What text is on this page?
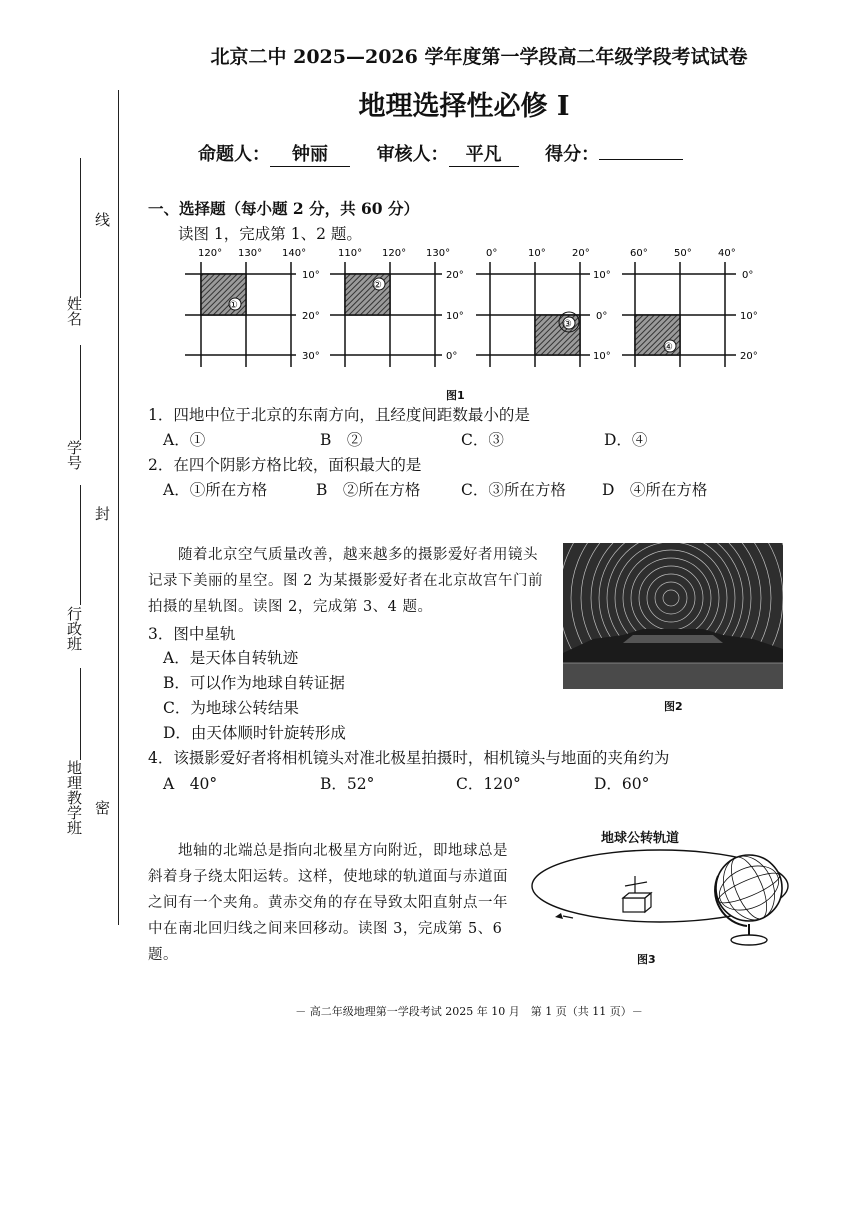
北京二中 2025—2026 学年度第一学段高二年级学段考试试卷
地理选择性必修 I
命题人： 钟丽	审核人： 平凡 得分：
线
姓名
学号
封
行政班
地理教学班 密
一、选择题（每小题 2 分，共 60 分）
读图 1，完成第 1、2 题。
120° 130° 140°
10°
20°
30°
①
110° 120° 130°
20°
10°
0°
②
0°	10°	20°
10°
0°
10°
③
60°	50°	40°
0°
10°
20°
④
图1
1．四地中位于北京的东南方向，且经度间距数最小的是
A．①	B　②	C．③	D．④
2．在四个阴影方格比较，面积最大的是
A．①所在方格	B　②所在方格	C．③所在方格 D　④所在方格
随着北京空气质量改善，越来越多的摄影爱好者用镜头记录下美丽的星空。图 2 为某摄影爱好者在北京故宫午门前拍摄的星轨图。读图 2，完成第 3、4 题。
图2
3．图中星轨
A．是天体自转轨迹
B．可以作为地球自转证据
C．为地球公转结果
D．由天体顺时针旋转形成
4．该摄影爱好者将相机镜头对准北极星拍摄时，相机镜头与地面的夹角约为
A　40°	B．52°	C．120°	D．60°
地轴的北端总是指向北极星方向附近，即地球总是斜着身子绕太阳运转。这样，使地球的轨道面与赤道面之间有一个夹角。黄赤交角的存在导致太阳直射点一年中在南北回归线之间来回移动。读图 3，完成第 5、6 题。
地球公转轨道
图3
－ 高二年级地理第一学段考试 2025 年 10 月　第 1 页（共 11 页）－
